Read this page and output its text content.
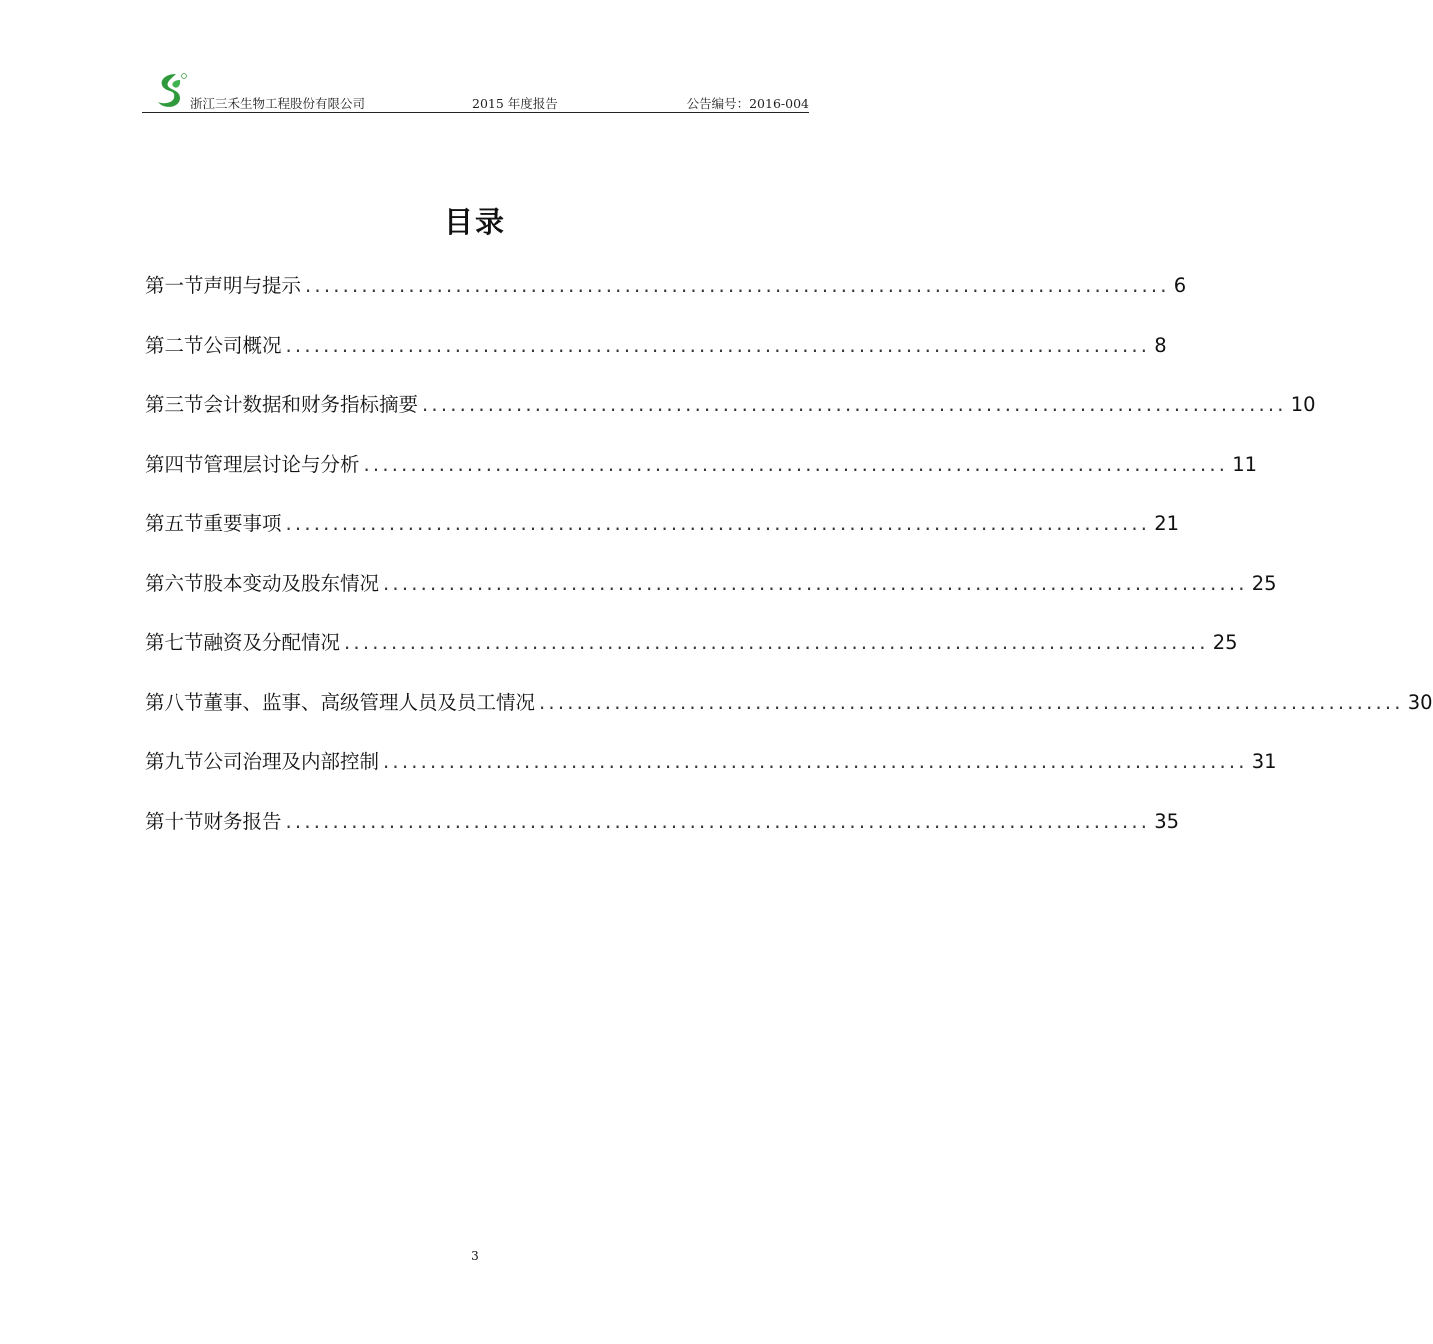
浙江三禾生物工程股份有限公司	2015 年度报告	公告编号：2016-004
目录
第一节声明与提示 ............................................................................................ 6
第二节公司概况 ............................................................................................ 8
第三节会计数据和财务指标摘要 ............................................................................................ 10
第四节管理层讨论与分析 ............................................................................................ 11
第五节重要事项 ............................................................................................ 21
第六节股本变动及股东情况 ............................................................................................ 25
第七节融资及分配情况 ............................................................................................ 25
第八节董事、监事、高级管理人员及员工情况 ............................................................................................ 30
第九节公司治理及内部控制 ............................................................................................ 31
第十节财务报告 ............................................................................................ 35
3
